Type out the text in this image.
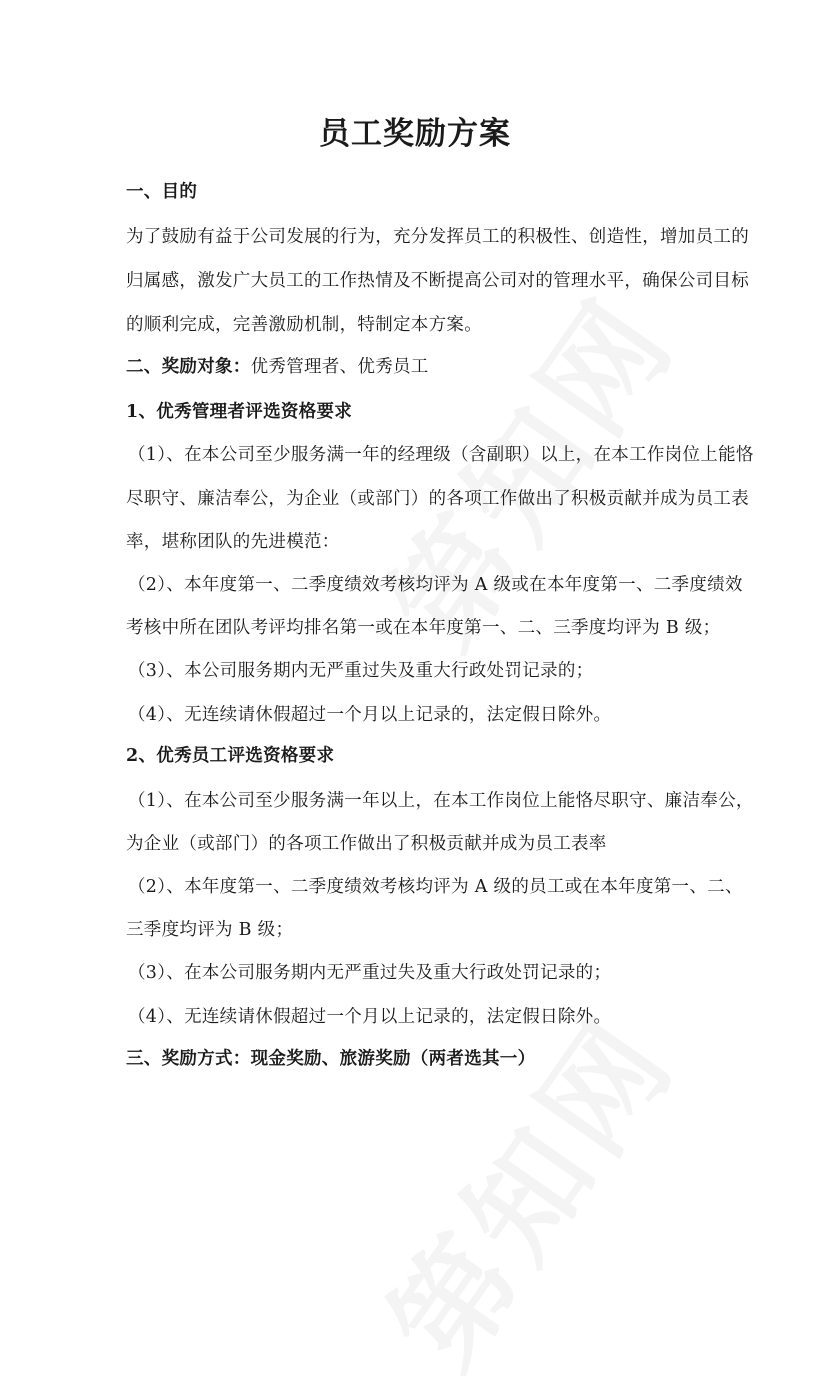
员工奖励方案
一、目的
为了鼓励有益于公司发展的行为，充分发挥员工的积极性、创造性，增加员工的
归属感，激发广大员工的工作热情及不断提高公司对的管理水平，确保公司目标
的顺利完成，完善激励机制，特制定本方案。
二、奖励对象：优秀管理者、优秀员工
1、优秀管理者评选资格要求
（1）、在本公司至少服务满一年的经理级（含副职）以上，在本工作岗位上能恪
尽职守、廉洁奉公，为企业（或部门）的各项工作做出了积极贡献并成为员工表
率，堪称团队的先进模范：
（2）、本年度第一、二季度绩效考核均评为 A 级或在本年度第一、二季度绩效
考核中所在团队考评均排名第一或在本年度第一、二、三季度均评为 B 级；
（3）、本公司服务期内无严重过失及重大行政处罚记录的；
（4）、无连续请休假超过一个月以上记录的，法定假日除外。
2、优秀员工评选资格要求
（1）、在本公司至少服务满一年以上，在本工作岗位上能恪尽职守、廉洁奉公，
为企业（或部门）的各项工作做出了积极贡献并成为员工表率
（2）、本年度第一、二季度绩效考核均评为 A 级的员工或在本年度第一、二、
三季度均评为 B 级；
（3）、在本公司服务期内无严重过失及重大行政处罚记录的；
（4）、无连续请休假超过一个月以上记录的，法定假日除外。
三、奖励方式：现金奖励、旅游奖励（两者选其一）
